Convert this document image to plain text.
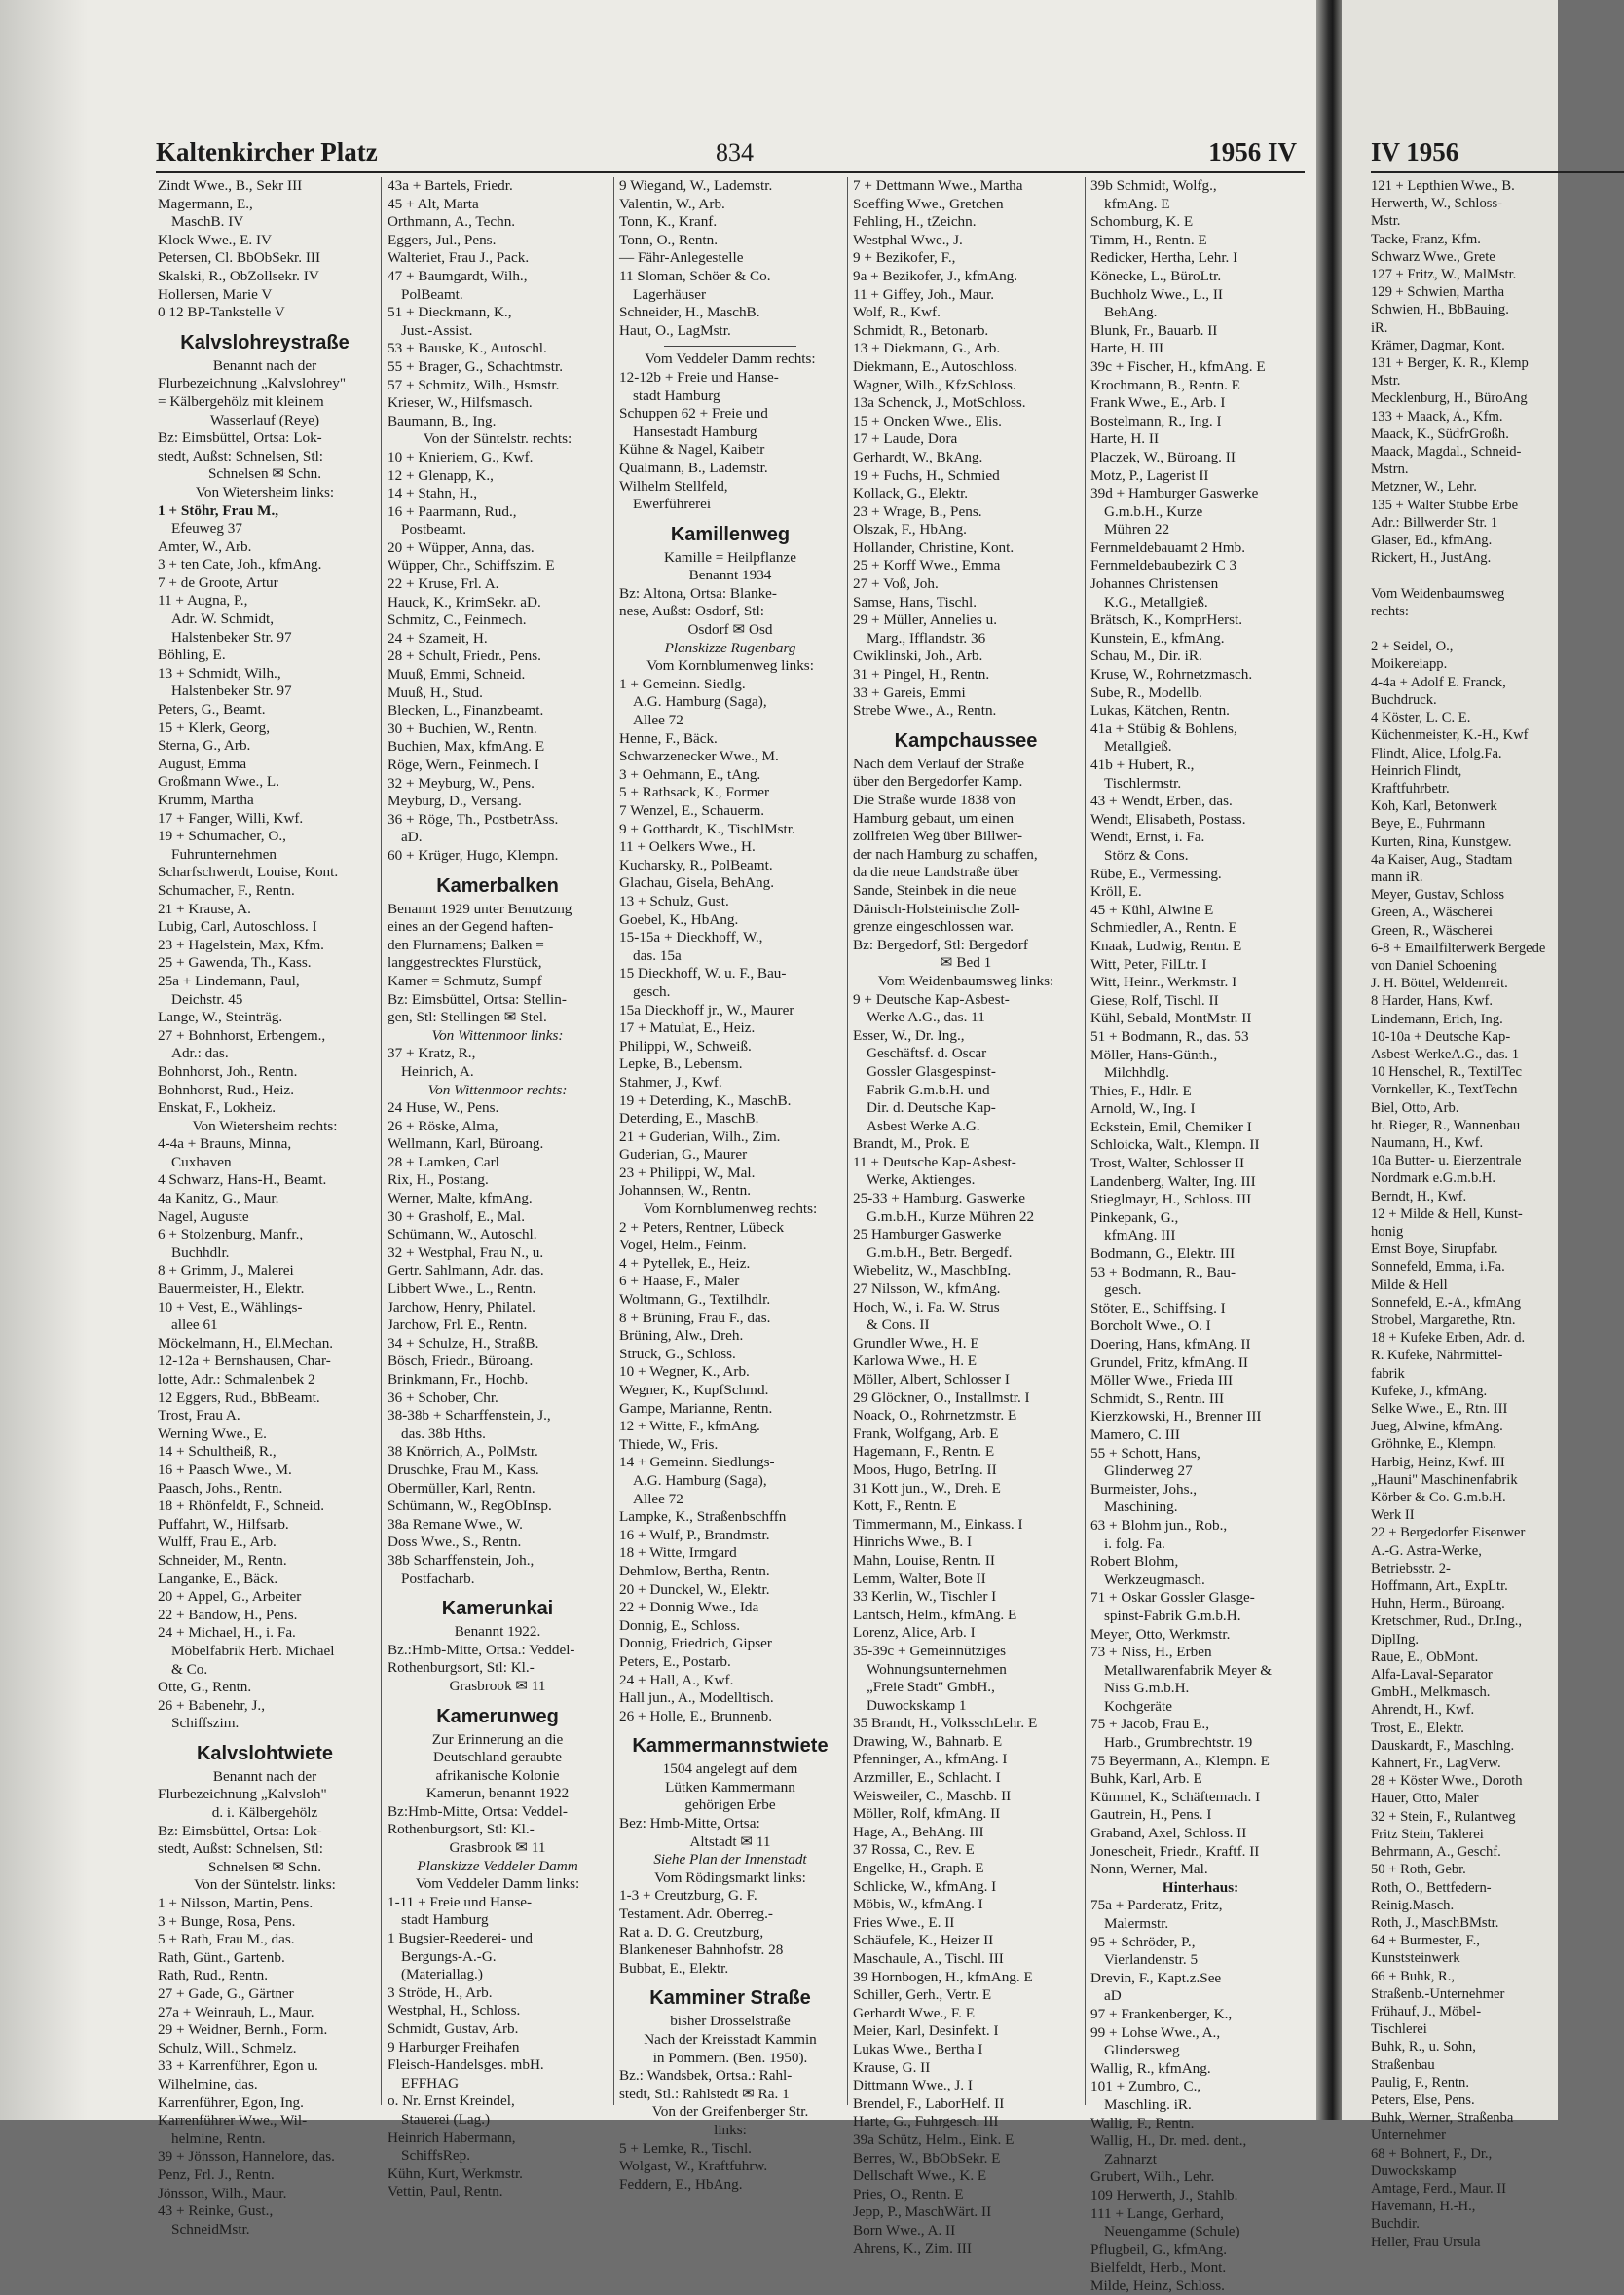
Kaltenkircher Platz	834	1956 IV
Zindt Wwe., B., Sekr III
Magermann, E.,
MaschB. IV
Klock Wwe., E. IV
Petersen, Cl. BbObSekr. III
Skalski, R., ObZollsekr. IV
Hollersen, Marie V
0 12 BP-Tankstelle V
Kalvslohreystraße
Benannt nach der
Flurbezeichnung „Kalvslohrey"
= Kälbergehölz mit kleinem
Wasserlauf (Reye)
Bz: Eimsbüttel, Ortsa: Lok-
stedt, Außst: Schnelsen, Stl:
Schnelsen ✉ Schn.
Von Wietersheim links:
1 + Stöhr, Frau M.,
Efeuweg 37
Amter, W., Arb.
3 + ten Cate, Joh., kfmAng.
7 + de Groote, Artur
11 + Augna, P.,
Adr. W. Schmidt,
Halstenbeker Str. 97
Böhling, E.
13 + Schmidt, Wilh.,
Halstenbeker Str. 97
Peters, G., Beamt.
15 + Klerk, Georg,
Sterna, G., Arb.
August, Emma
Großmann Wwe., L.
Krumm, Martha
17 + Fanger, Willi, Kwf.
19 + Schumacher, O.,
Fuhrunternehmen
Scharfschwerdt, Louise, Kont.
Schumacher, F., Rentn.
21 + Krause, A.
Lubig, Carl, Autoschloss. I
23 + Hagelstein, Max, Kfm.
25 + Gawenda, Th., Kass.
25a + Lindemann, Paul,
Deichstr. 45
Lange, W., Steinträg.
27 + Bohnhorst, Erbengem.,
Adr.: das.
Bohnhorst, Joh., Rentn.
Bohnhorst, Rud., Heiz.
Enskat, F., Lokheiz.
Von Wietersheim rechts:
4-4a + Brauns, Minna,
Cuxhaven
4 Schwarz, Hans-H., Beamt.
4a Kanitz, G., Maur.
Nagel, Auguste
6 + Stolzenburg, Manfr.,
Buchhdlr.
8 + Grimm, J., Malerei
Bauermeister, H., Elektr.
10 + Vest, E., Wählings-
allee 61
Möckelmann, H., El.Mechan.
12-12a + Bernshausen, Char-
lotte, Adr.: Schmalenbek 2
12 Eggers, Rud., BbBeamt.
Trost, Frau A.
Werning Wwe., E.
14 + Schultheiß, R.,
16 + Paasch Wwe., M.
Paasch, Johs., Rentn.
18 + Rhönfeldt, F., Schneid.
Puffahrt, W., Hilfsarb.
Wulff, Frau E., Arb.
Schneider, M., Rentn.
Langanke, E., Bäck.
20 + Appel, G., Arbeiter
22 + Bandow, H., Pens.
24 + Michael, H., i. Fa.
Möbelfabrik Herb. Michael
& Co.
Otte, G., Rentn.
26 + Babenehr, J.,
Schiffszim.
Kalvslohtwiete
Benannt nach der
Flurbezeichnung „Kalvsloh"
d. i. Kälbergehölz
Bz: Eimsbüttel, Ortsa: Lok-
stedt, Außst: Schnelsen, Stl:
Schnelsen ✉ Schn.
Von der Süntelstr. links:
1 + Nilsson, Martin, Pens.
3 + Bunge, Rosa, Pens.
5 + Rath, Frau M., das.
Rath, Günt., Gartenb.
Rath, Rud., Rentn.
27 + Gade, G., Gärtner
27a + Weinrauh, L., Maur.
29 + Weidner, Bernh., Form.
Schulz, Will., Schmelz.
33 + Karrenführer, Egon u.
Wilhelmine, das.
Karrenführer, Egon, Ing.
Karrenführer Wwe., Wil-
helmine, Rentn.
39 + Jönsson, Hannelore, das.
Penz, Frl. J., Rentn.
Jönsson, Wilh., Maur.
43 + Reinke, Gust.,
SchneidMstr.
43a + Bartels, Friedr.
45 + Alt, Marta
Orthmann, A., Techn.
Eggers, Jul., Pens.
Walteriet, Frau J., Pack.
47 + Baumgardt, Wilh.,
PolBeamt.
51 + Dieckmann, K.,
Just.-Assist.
53 + Bauske, K., Autoschl.
55 + Brager, G., Schachtmstr.
57 + Schmitz, Wilh., Hsmstr.
Krieser, W., Hilfsmasch.
Baumann, B., Ing.
Von der Süntelstr. rechts:
10 + Knieriem, G., Kwf.
12 + Glenapp, K.,
14 + Stahn, H.,
16 + Paarmann, Rud.,
Postbeamt.
20 + Wüpper, Anna, das.
Wüpper, Chr., Schiffszim. E
22 + Kruse, Frl. A.
Hauck, K., KrimSekr. aD.
Schmitz, C., Feinmech.
24 + Szameit, H.
28 + Schult, Friedr., Pens.
Muuß, Emmi, Schneid.
Muuß, H., Stud.
Blecken, L., Finanzbeamt.
30 + Buchien, W., Rentn.
Buchien, Max, kfmAng. E
Röge, Wern., Feinmech. I
32 + Meyburg, W., Pens.
Meyburg, D., Versang.
36 + Röge, Th., PostbetrAss.
aD.
60 + Krüger, Hugo, Klempn.
Kamerbalken
Benannt 1929 unter Benutzung
eines an der Gegend haften-
den Flurnamens; Balken =
langgestrecktes Flurstück,
Kamer = Schmutz, Sumpf
Bz: Eimsbüttel, Ortsa: Stellin-
gen, Stl: Stellingen ✉ Stel.
Von Wittenmoor links:
37 + Kratz, R.,
Heinrich, A.
Von Wittenmoor rechts:
24 Huse, W., Pens.
26 + Röske, Alma,
Wellmann, Karl, Büroang.
28 + Lamken, Carl
Rix, H., Postang.
Werner, Malte, kfmAng.
30 + Grasholf, E., Mal.
Schümann, W., Autoschl.
32 + Westphal, Frau N., u.
Gertr. Sahlmann, Adr. das.
Libbert Wwe., L., Rentn.
Jarchow, Henry, Philatel.
Jarchow, Frl. E., Rentn.
34 + Schulze, H., StraßB.
Bösch, Friedr., Büroang.
Brinkmann, Fr., Hochb.
36 + Schober, Chr.
38-38b + Scharffenstein, J.,
das. 38b Hths.
38 Knörrich, A., PolMstr.
Druschke, Frau M., Kass.
Obermüller, Karl, Rentn.
Schümann, W., RegObInsp.
38a Remane Wwe., W.
Doss Wwe., S., Rentn.
38b Scharffenstein, Joh.,
Postfacharb.
Kamerunkai
Benannt 1922.
Bz.:Hmb-Mitte, Ortsa.: Veddel-
Rothenburgsort, Stl: Kl.-
Grasbrook ✉ 11
Kamerunweg
Zur Erinnerung an die
Deutschland geraubte
afrikanische Kolonie
Kamerun, benannt 1922
Bz:Hmb-Mitte, Ortsa: Veddel-
Rothenburgsort, Stl: Kl.-
Grasbrook ✉ 11
Planskizze Veddeler Damm
Vom Veddeler Damm links:
1-11 + Freie und Hanse-
stadt Hamburg
1 Bugsier-Reederei- und
Bergungs-A.-G.
(Materiallag.)
3 Ströde, H., Arb.
Westphal, H., Schloss.
Schmidt, Gustav, Arb.
9 Harburger Freihafen
Fleisch-Handelsges. mbH.
EFFHAG
o. Nr. Ernst Kreindel,
Stauerei (Lag.)
Heinrich Habermann,
SchiffsRep.
Kühn, Kurt, Werkmstr.
Vettin, Paul, Rentn.
9 Wiegand, W., Lademstr.
Valentin, W., Arb.
Tonn, K., Kranf.
Tonn, O., Rentn.
— Fähr-Anlegestelle
11 Sloman, Schöer & Co.
Lagerhäuser
Schneider, H., MaschB.
Haut, O., LagMstr.
Vom Veddeler Damm rechts:
12-12b + Freie und Hanse-
stadt Hamburg
Schuppen 62 + Freie und
Hansestadt Hamburg
Kühne & Nagel, Kaibetr
Qualmann, B., Lademstr.
Wilhelm Stellfeld,
Ewerführerei
Kamillenweg
Kamille = Heilpflanze
Benannt 1934
Bz: Altona, Ortsa: Blanke-
nese, Außst: Osdorf, Stl:
Osdorf ✉ Osd
Planskizze Rugenbarg
Vom Kornblumenweg links:
1 + Gemeinn. Siedlg.
A.G. Hamburg (Saga),
Allee 72
Henne, F., Bäck.
Schwarzenecker Wwe., M.
3 + Oehmann, E., tAng.
5 + Rathsack, K., Former
7 Wenzel, E., Schauerm.
9 + Gotthardt, K., TischlMstr.
11 + Oelkers Wwe., H.
Kucharsky, R., PolBeamt.
Glachau, Gisela, BehAng.
13 + Schulz, Gust.
Goebel, K., HbAng.
15-15a + Dieckhoff, W.,
das. 15a
15 Dieckhoff, W. u. F., Bau-
gesch.
15a Dieckhoff jr., W., Maurer
17 + Matulat, E., Heiz.
Philippi, W., Schweiß.
Lepke, B., Lebensm.
Stahmer, J., Kwf.
19 + Deterding, K., MaschB.
Deterding, E., MaschB.
21 + Guderian, Wilh., Zim.
Guderian, G., Maurer
23 + Philippi, W., Mal.
Johannsen, W., Rentn.
Vom Kornblumenweg rechts:
2 + Peters, Rentner, Lübeck
Vogel, Helm., Feinm.
4 + Pytellek, E., Heiz.
6 + Haase, F., Maler
Woltmann, G., Textilhdlr.
8 + Brüning, Frau F., das.
Brüning, Alw., Dreh.
Struck, G., Schloss.
10 + Wegner, K., Arb.
Wegner, K., KupfSchmd.
Gampe, Marianne, Rentn.
12 + Witte, F., kfmAng.
Thiede, W., Fris.
14 + Gemeinn. Siedlungs-
A.G. Hamburg (Saga),
Allee 72
Lampke, K., Straßenbschffn
16 + Wulf, P., Brandmstr.
18 + Witte, Irmgard
Dehmlow, Bertha, Rentn.
20 + Dunckel, W., Elektr.
22 + Donnig Wwe., Ida
Donnig, E., Schloss.
Donnig, Friedrich, Gipser
Peters, E., Postarb.
24 + Hall, A., Kwf.
Hall jun., A., Modelltisch.
26 + Holle, E., Brunnenb.
Kammermannstwiete
1504 angelegt auf dem
Lütken Kammermann
gehörigen Erbe
Bez: Hmb-Mitte, Ortsa:
Altstadt ✉ 11
Siehe Plan der Innenstadt
Vom Rödingsmarkt links:
1-3 + Creutzburg, G. F.
Testament. Adr. Oberreg.-
Rat a. D. G. Creutzburg,
Blankeneser Bahnhofstr. 28
Bubbat, E., Elektr.
Kamminer Straße
bisher Drosselstraße
Nach der Kreisstadt Kammin
in Pommern. (Ben. 1950).
Bz.: Wandsbek, Ortsa.: Rahl-
stedt, Stl.: Rahlstedt ✉ Ra. 1
Von der Greifenberger Str.
links:
5 + Lemke, R., Tischl.
Wolgast, W., Kraftfuhrw.
Feddern, E., HbAng.
7 + Dettmann Wwe., Martha
Soeffing Wwe., Gretchen
Fehling, H., tZeichn.
Westphal Wwe., J.
9 + Bezikofer, F.,
9a + Bezikofer, J., kfmAng.
11 + Giffey, Joh., Maur.
Wolf, R., Kwf.
Schmidt, R., Betonarb.
13 + Diekmann, G., Arb.
Diekmann, E., Autoschloss.
Wagner, Wilh., KfzSchloss.
13a Schenck, J., MotSchloss.
15 + Oncken Wwe., Elis.
17 + Laude, Dora
Gerhardt, W., BkAng.
19 + Fuchs, H., Schmied
Kollack, G., Elektr.
23 + Wrage, B., Pens.
Olszak, F., HbAng.
Hollander, Christine, Kont.
25 + Korff Wwe., Emma
27 + Voß, Joh.
Samse, Hans, Tischl.
29 + Müller, Annelies u.
Marg., Ifflandstr. 36
Cwiklinski, Joh., Arb.
31 + Pingel, H., Rentn.
33 + Gareis, Emmi
Strebe Wwe., A., Rentn.
Kampchaussee
Nach dem Verlauf der Straße
über den Bergedorfer Kamp.
Die Straße wurde 1838 von
Hamburg gebaut, um einen
zollfreien Weg über Billwer-
der nach Hamburg zu schaffen,
da die neue Landstraße über
Sande, Steinbek in die neue
Dänisch-Holsteinische Zoll-
grenze eingeschlossen war.
Bz: Bergedorf, Stl: Bergedorf
✉ Bed 1
Vom Weidenbaumsweg links:
9 + Deutsche Kap-Asbest-
Werke A.G., das. 11
Esser, W., Dr. Ing.,
Geschäftsf. d. Oscar
Gossler Glasgespinst-
Fabrik G.m.b.H. und
Dir. d. Deutsche Kap-
Asbest Werke A.G.
Brandt, M., Prok. E
11 + Deutsche Kap-Asbest-
Werke, Aktienges.
25-33 + Hamburg. Gaswerke
G.m.b.H., Kurze Mühren 22
25 Hamburger Gaswerke
G.m.b.H., Betr. Bergedf.
Wiebelitz, W., MaschbIng.
27 Nilsson, W., kfmAng.
Hoch, W., i. Fa. W. Strus
& Cons. II
Grundler Wwe., H. E
Karlowa Wwe., H. E
Möller, Albert, Schlosser I
29 Glöckner, O., Installmstr. I
Noack, O., Rohrnetzmstr. E
Frank, Wolfgang, Arb. E
Hagemann, F., Rentn. E
Moos, Hugo, BetrIng. II
31 Kott jun., W., Dreh. E
Kott, F., Rentn. E
Timmermann, M., Einkass. I
Hinrichs Wwe., B. I
Mahn, Louise, Rentn. II
Lemm, Walter, Bote II
33 Kerlin, W., Tischler I
Lantsch, Helm., kfmAng. E
Lorenz, Alice, Arb. I
35-39c + Gemeinnütziges
Wohnungsunternehmen
„Freie Stadt" GmbH.,
Duwockskamp 1
35 Brandt, H., VolksschLehr. E
Drawing, W., Bahnarb. E
Pfenninger, A., kfmAng. I
Arzmiller, E., Schlacht. I
Weisweiler, C., Maschb. II
Möller, Rolf, kfmAng. II
Hage, A., BehAng. III
37 Rossa, C., Rev. E
Engelke, H., Graph. E
Schlicke, W., kfmAng. I
Möbis, W., kfmAng. I
Fries Wwe., E. II
Schäufele, K., Heizer II
Maschaule, A., Tischl. III
39 Hornbogen, H., kfmAng. E
Schiller, Gerh., Vertr. E
Gerhardt Wwe., F. E
Meier, Karl, Desinfekt. I
Lukas Wwe., Bertha I
Krause, G. II
Dittmann Wwe., J. I
Brendel, F., LaborHelf. II
Harte, G., Fuhrgesch. III
39a Schütz, Helm., Eink. E
Berres, W., BbObSekr. E
Dellschaft Wwe., K. E
Pries, O., Rentn. E
Jepp, P., MaschWärt. II
Born Wwe., A. II
Ahrens, K., Zim. III
39b Schmidt, Wolfg.,
kfmAng. E
Schomburg, K. E
Timm, H., Rentn. E
Redicker, Hertha, Lehr. I
Könecke, L., BüroLtr.
Buchholz Wwe., L., II
BehAng.
Blunk, Fr., Bauarb. II
Harte, H. III
39c + Fischer, H., kfmAng. E
Krochmann, B., Rentn. E
Frank Wwe., E., Arb. I
Bostelmann, R., Ing. I
Harte, H. II
Placzek, W., Büroang. II
Motz, P., Lagerist II
39d + Hamburger Gaswerke
G.m.b.H., Kurze
Mühren 22
Fernmeldebauamt 2 Hmb.
Fernmeldebaubezirk C 3
Johannes Christensen
K.G., Metallgieß.
Brätsch, K., KomprHerst.
Kunstein, E., kfmAng.
Schau, M., Dir. iR.
Kruse, W., Rohrnetzmasch.
Sube, R., Modellb.
Lukas, Kätchen, Rentn.
41a + Stübig & Bohlens,
Metallgieß.
41b + Hubert, R.,
Tischlermstr.
43 + Wendt, Erben, das.
Wendt, Elisabeth, Postass.
Wendt, Ernst, i. Fa.
Störz & Cons.
Rübe, E., Vermessing.
Kröll, E.
45 + Kühl, Alwine E
Schmiedler, A., Rentn. E
Knaak, Ludwig, Rentn. E
Witt, Peter, FilLtr. I
Witt, Heinr., Werkmstr. I
Giese, Rolf, Tischl. II
Kühl, Sebald, MontMstr. II
51 + Bodmann, R., das. 53
Möller, Hans-Günth.,
Milchhdlg.
Thies, F., Hdlr. E
Arnold, W., Ing. I
Eckstein, Emil, Chemiker I
Schloicka, Walt., Klempn. II
Trost, Walter, Schlosser II
Landenberg, Walter, Ing. III
Stieglmayr, H., Schloss. III
Pinkepank, G.,
kfmAng. III
Bodmann, G., Elektr. III
53 + Bodmann, R., Bau-
gesch.
Stöter, E., Schiffsing. I
Borcholt Wwe., O. I
Doering, Hans, kfmAng. II
Grundel, Fritz, kfmAng. II
Möller Wwe., Frieda III
Schmidt, S., Rentn. III
Kierzkowski, H., Brenner III
Mamero, C. III
55 + Schott, Hans,
Glinderweg 27
Burmeister, Johs.,
Maschining.
63 + Blohm jun., Rob.,
i. folg. Fa.
Robert Blohm,
Werkzeugmasch.
71 + Oskar Gossler Glasge-
spinst-Fabrik G.m.b.H.
Meyer, Otto, Werkmstr.
73 + Niss, H., Erben
Metallwarenfabrik Meyer &
Niss G.m.b.H.
Kochgeräte
75 + Jacob, Frau E.,
Harb., Grumbrechtstr. 19
75 Beyermann, A., Klempn. E
Buhk, Karl, Arb. E
Kümmel, K., Schäftemach. I
Gautrein, H., Pens. I
Graband, Axel, Schloss. II
Jonescheit, Friedr., Kraftf. II
Nonn, Werner, Mal.
Hinterhaus:
75a + Parderatz, Fritz,
Malermstr.
95 + Schröder, P.,
Vierlandenstr. 5
Drevin, F., Kapt.z.See
aD
97 + Frankenberger, K.,
99 + Lohse Wwe., A.,
Glindersweg
Wallig, R., kfmAng.
101 + Zumbro, C.,
Maschling. iR.
Wallig, F., Rentn.
Wallig, H., Dr. med. dent.,
Zahnarzt
Grubert, Wilh., Lehr.
109 Herwerth, J., Stahlb.
111 + Lange, Gerhard,
Neuengamme (Schule)
Pflugbeil, G., kfmAng.
Bielfeldt, Herb., Mont.
Milde, Heinz, Schloss.
IV 1956
121 + Lepthien Wwe., B.
Herwerth, W., Schloss-
Mstr.
Tacke, Franz, Kfm.
Schwarz Wwe., Grete
127 + Fritz, W., MalMstr.
129 + Schwien, Martha
Schwien, H., BbBauing.
iR.
Krämer, Dagmar, Kont.
131 + Berger, K. R., Klemp
Mstr.
Mecklenburg, H., BüroAng
133 + Maack, A., Kfm.
Maack, K., SüdfrGroßh.
Maack, Magdal., Schneid-
Mstrn.
Metzner, W., Lehr.
135 + Walter Stubbe Erbe
Adr.: Billwerder Str. 1
Glaser, Ed., kfmAng.
Rickert, H., JustAng.

Vom Weidenbaumsweg
rechts:

2 + Seidel, O.,
Moikereiapp.
4-4a + Adolf E. Franck,
Buchdruck.
4 Köster, L. C. E.
Küchenmeister, K.-H., Kwf
Flindt, Alice, Lfolg.Fa.
Heinrich Flindt,
Kraftfuhrbetr.
Koh, Karl, Betonwerk
Beye, E., Fuhrmann
Kurten, Rina, Kunstgew.
4a Kaiser, Aug., Stadtam
mann iR.
Meyer, Gustav, Schloss
Green, A., Wäscherei
Green, R., Wäscherei
6-8 + Emailfilterwerk Bergede
von Daniel Schoening
J. H. Böttel, Weldenreit.
8 Harder, Hans, Kwf.
Lindemann, Erich, Ing.
10-10a + Deutsche Kap-
Asbest-WerkeA.G., das. 1
10 Henschel, R., TextilTec
Vornkeller, K., TextTechn
Biel, Otto, Arb.
ht. Rieger, R., Wannenbau
Naumann, H., Kwf.
10a Butter- u. Eierzentrale
Nordmark e.G.m.b.H.
Berndt, H., Kwf.
12 + Milde & Hell, Kunst-
honig
Ernst Boye, Sirupfabr.
Sonnefeld, Emma, i.Fa.
Milde & Hell
Sonnefeld, E.-A., kfmAng
Strobel, Margarethe, Rtn.
18 + Kufeke Erben, Adr. d.
R. Kufeke, Nährmittel-
fabrik
Kufeke, J., kfmAng.
Selke Wwe., E., Rtn. III
Jueg, Alwine, kfmAng.
Gröhnke, E., Klempn.
Harbig, Heinz, Kwf. III
„Hauni" Maschinenfabrik
Körber & Co. G.m.b.H.
Werk II
22 + Bergedorfer Eisenwer
A.-G. Astra-Werke,
Betriebsstr. 2-
Hoffmann, Art., ExpLtr.
Huhn, Herm., Büroang.
Kretschmer, Rud., Dr.Ing.,
DiplIng.
Raue, E., ObMont.
Alfa-Laval-Separator
GmbH., Melkmasch.
Ahrendt, H., Kwf.
Trost, E., Elektr.
Dauskardt, F., MaschIng.
Kahnert, Fr., LagVerw.
28 + Köster Wwe., Doroth
Hauer, Otto, Maler
32 + Stein, F., Rulantweg
Fritz Stein, Taklerei
Behrmann, A., Geschf.
50 + Roth, Gebr.
Roth, O., Bettfedern-
Reinig.Masch.
Roth, J., MaschBMstr.
64 + Burmester, F.,
Kunststeinwerk
66 + Buhk, R.,
Straßenb.-Unternehmer
Frühauf, J., Möbel-
Tischlerei
Buhk, R., u. Sohn,
Straßenbau
Paulig, F., Rentn.
Peters, Else, Pens.
Buhk, Werner, Straßenba
Unternehmer
68 + Bohnert, F., Dr.,
Duwockskamp
Amtage, Ferd., Maur. II
Havemann, H.-H.,
Buchdir.
Heller, Frau Ursula
